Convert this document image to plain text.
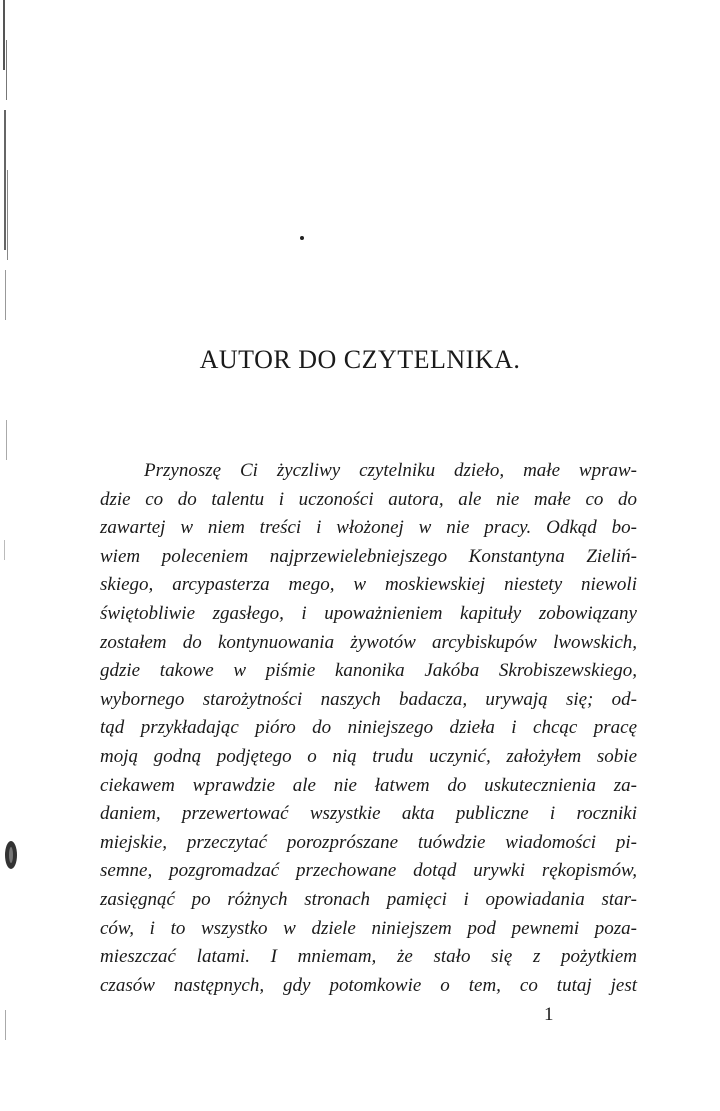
AUTOR DO CZYTELNIKA.
Przynoszę Ci życzliwy czytelniku dzieło, małe wpraw-
dzie co do talentu i uczoności autora, ale nie małe co do
zawartej w niem treści i włożonej w nie pracy. Odkąd bo-
wiem poleceniem najprzewielebniejszego Konstantyna Zieliń-
skiego, arcypasterza mego, w moskiewskiej niestety niewoli
świętobliwie zgasłego, i upoważnieniem kapituły zobowiązany
zostałem do kontynuowania żywotów arcybiskupów lwowskich,
gdzie takowe w piśmie kanonika Jakóba Skrobiszewskiego,
wybornego starożytności naszych badacza, urywają się; od-
tąd przykładając pióro do niniejszego dzieła i chcąc pracę
moją godną podjętego o nią trudu uczynić, założyłem sobie
ciekawem wprawdzie ale nie łatwem do uskutecznienia za-
daniem, przewertować wszystkie akta publiczne i roczniki
miejskie, przeczytać porozprószane tuówdzie wiadomości pi-
semne, pozgromadzać przechowane dotąd urywki rękopismów,
zasięgnąć po różnych stronach pamięci i opowiadania star-
ców, i to wszystko w dziele niniejszem pod pewnemi poza-
mieszczać latami. I mniemam, że stało się z pożytkiem
czasów następnych, gdy potomkowie o tem, co tutaj jest
1
